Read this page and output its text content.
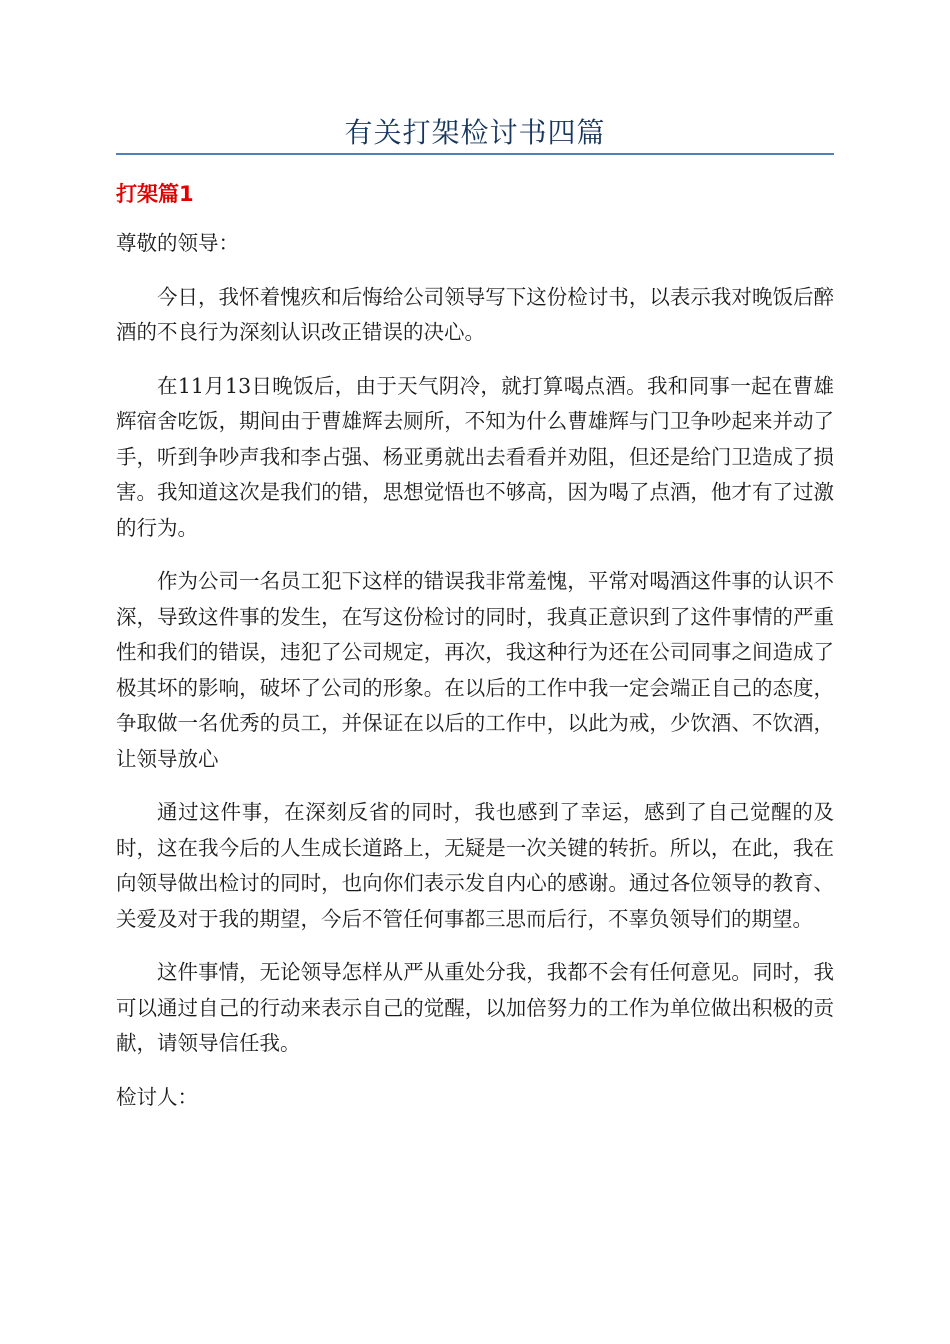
有关打架检讨书四篇
打架篇1

尊敬的领导：

今日，我怀着愧疚和后悔给公司领导写下这份检讨书，以表示我对晚饭后醉酒的不良行为深刻认识改正错误的决心。

在11月13日晚饭后，由于天气阴冷，就打算喝点酒。我和同事一起在曹雄辉宿舍吃饭，期间由于曹雄辉去厕所，不知为什么曹雄辉与门卫争吵起来并动了手，听到争吵声我和李占强、杨亚勇就出去看看并劝阻，但还是给门卫造成了损害。我知道这次是我们的错，思想觉悟也不够高，因为喝了点酒，他才有了过激的行为。

作为公司一名员工犯下这样的错误我非常羞愧，平常对喝酒这件事的认识不深，导致这件事的发生，在写这份检讨的同时，我真正意识到了这件事情的严重性和我们的错误，违犯了公司规定，再次，我这种行为还在公司同事之间造成了极其坏的影响，破坏了公司的形象。在以后的工作中我一定会端正自己的态度，争取做一名优秀的员工，并保证在以后的工作中，以此为戒，少饮酒、不饮酒，让领导放心

通过这件事，在深刻反省的同时，我也感到了幸运，感到了自己觉醒的及时，这在我今后的人生成长道路上，无疑是一次关键的转折。所以，在此，我在向领导做出检讨的同时，也向你们表示发自内心的感谢。通过各位领导的教育、关爱及对于我的期望，今后不管任何事都三思而后行，不辜负领导们的期望。

这件事情，无论领导怎样从严从重处分我，我都不会有任何意见。同时，我可以通过自己的行动来表示自己的觉醒，以加倍努力的工作为单位做出积极的贡献，请领导信任我。

检讨人：
